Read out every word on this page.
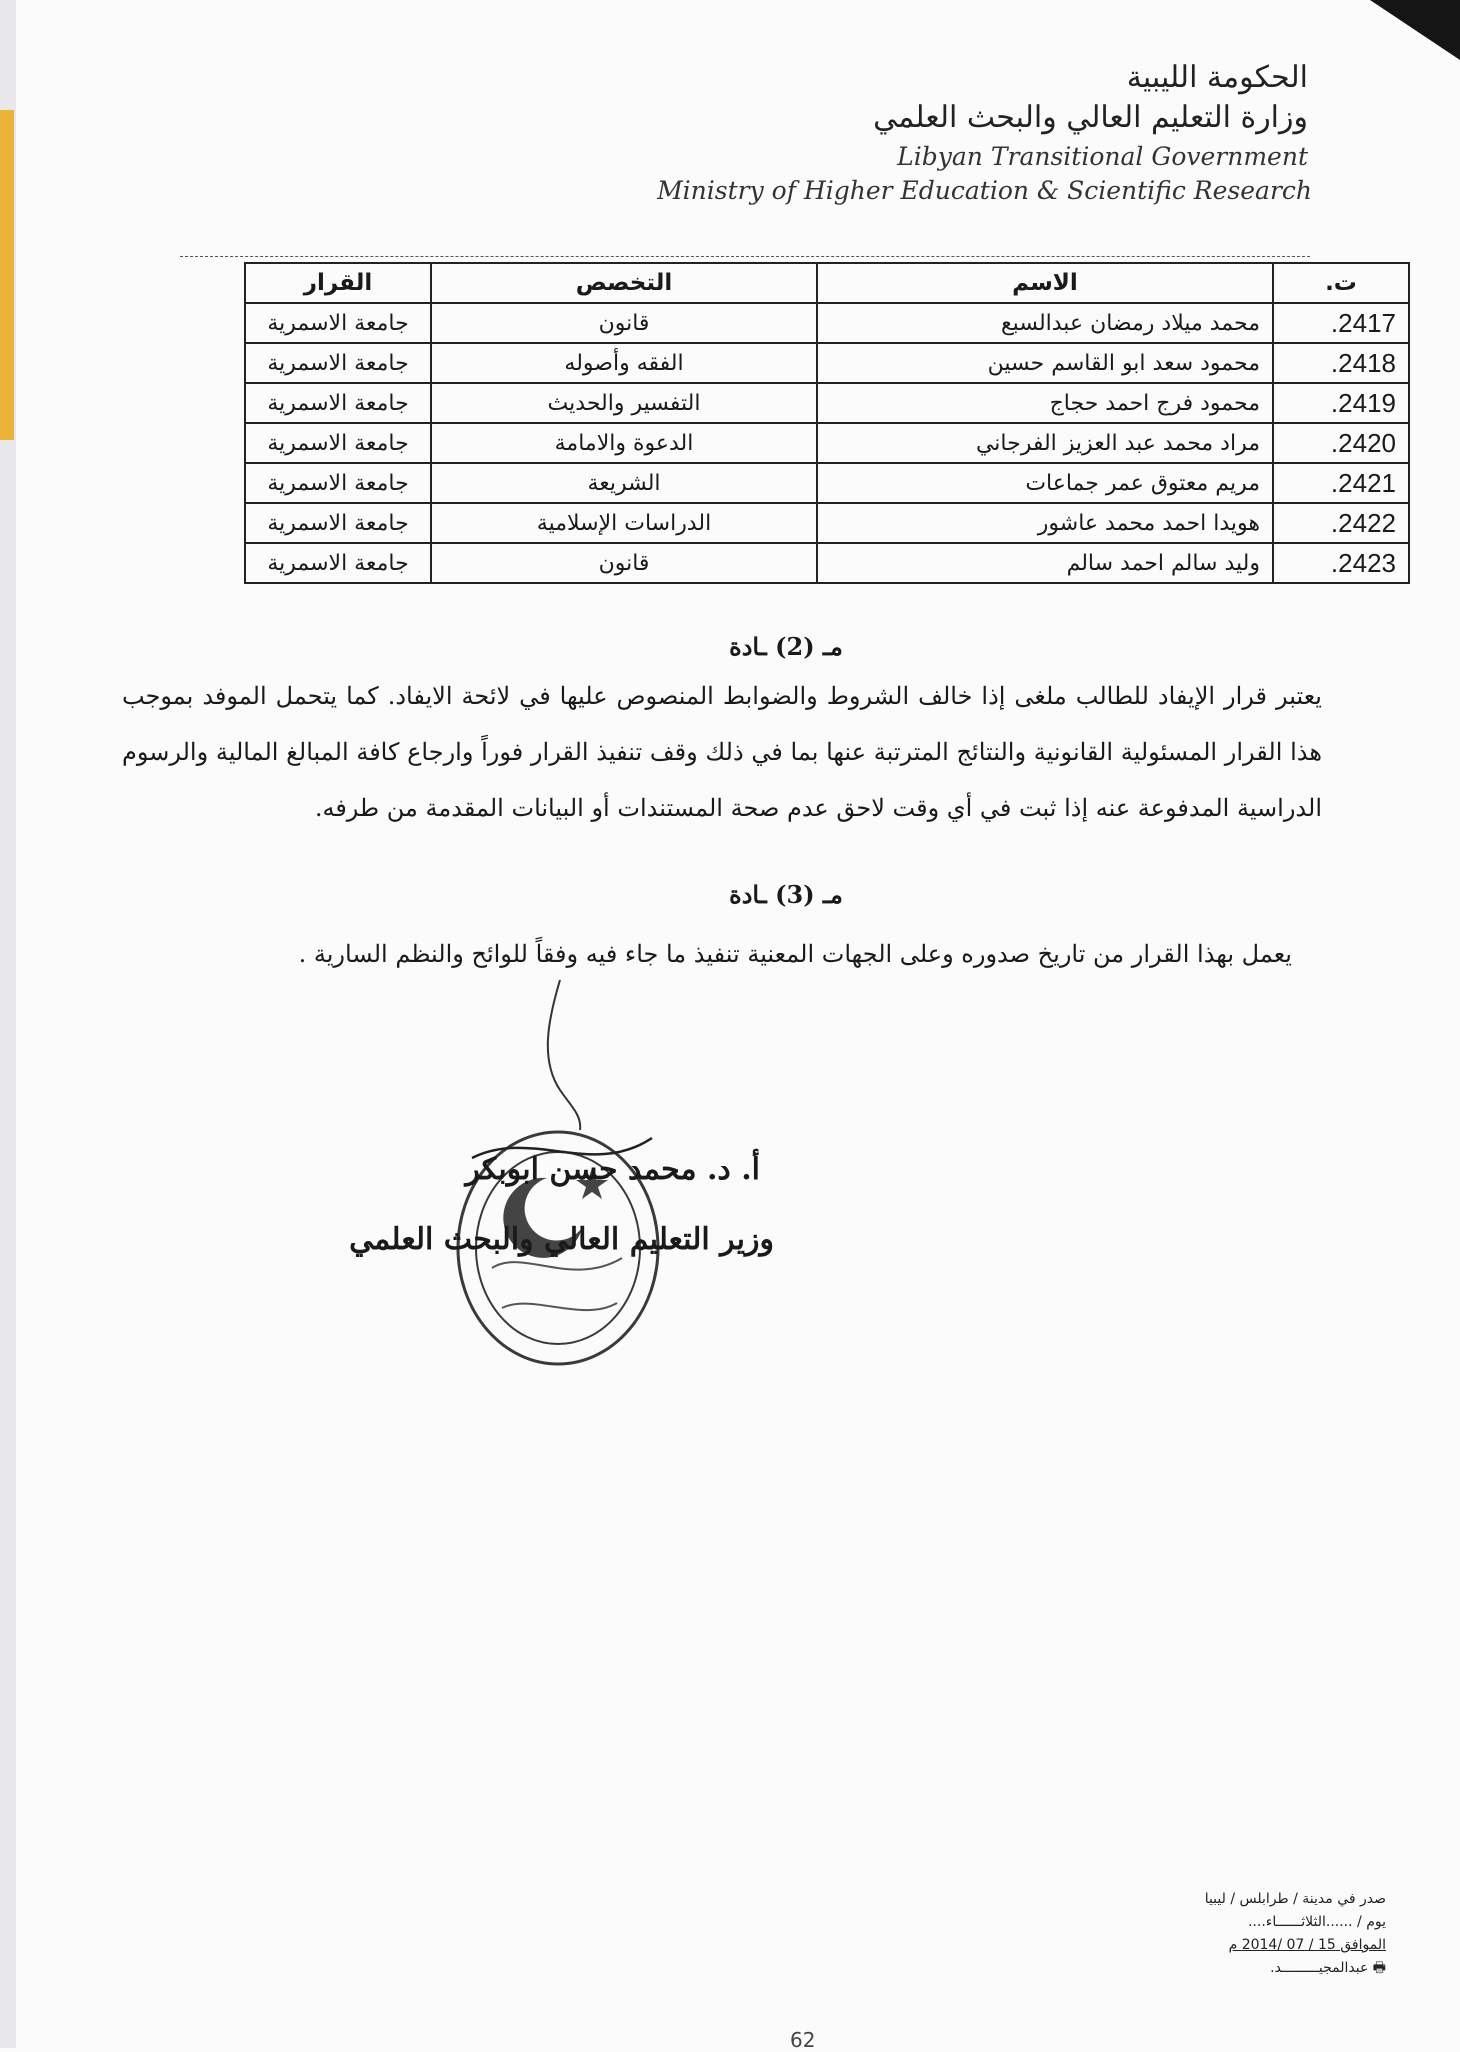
الحكومة الليبية
وزارة التعليم العالي والبحث العلمي
Libyan Transitional Government
Ministry of Higher Education & Scientific Research
ت.	الاسم	التخصص	القرار
2417.	محمد ميلاد رمضان عبدالسبع	قانون	جامعة الاسمرية
2418.	محمود سعد ابو القاسم حسين	الفقه وأصوله	جامعة الاسمرية
2419.	محمود فرج احمد حجاج	التفسير والحديث	جامعة الاسمرية
2420.	مراد محمد عبد العزيز الفرجاني	الدعوة والامامة	جامعة الاسمرية
2421.	مريم معتوق عمر جماعات	الشريعة	جامعة الاسمرية
2422.	هويدا احمد محمد عاشور	الدراسات الإسلامية	جامعة الاسمرية
2423.	وليد سالم احمد سالم	قانون	جامعة الاسمرية
مـ (2) ـادة
يعتبر قرار الإيفاد للطالب ملغى إذا خالف الشروط والضوابط المنصوص عليها في لائحة الايفاد. كما يتحمل الموفد بموجب هذا القرار المسئولية القانونية والنتائج المترتبة عنها بما في ذلك وقف تنفيذ القرار فوراً وارجاع كافة المبالغ المالية والرسوم الدراسية المدفوعة عنه إذا ثبت في أي وقت لاحق عدم صحة المستندات أو البيانات المقدمة من طرفه.
مـ (3) ـادة
يعمل بهذا القرار من تاريخ صدوره وعلى الجهات المعنية تنفيذ ما جاء فيه وفقاً للوائح والنظم السارية .
أ. د. محمد حسن ابوبكر
وزير التعليم العالي والبحث العلمي
صدر في مدينة / طرابلس / ليبيا
يوم / ......الثلاثــــــاء....
الموافق 15 / 07 /2014 م
🖶 عبدالمجيـــــــــد.
62
